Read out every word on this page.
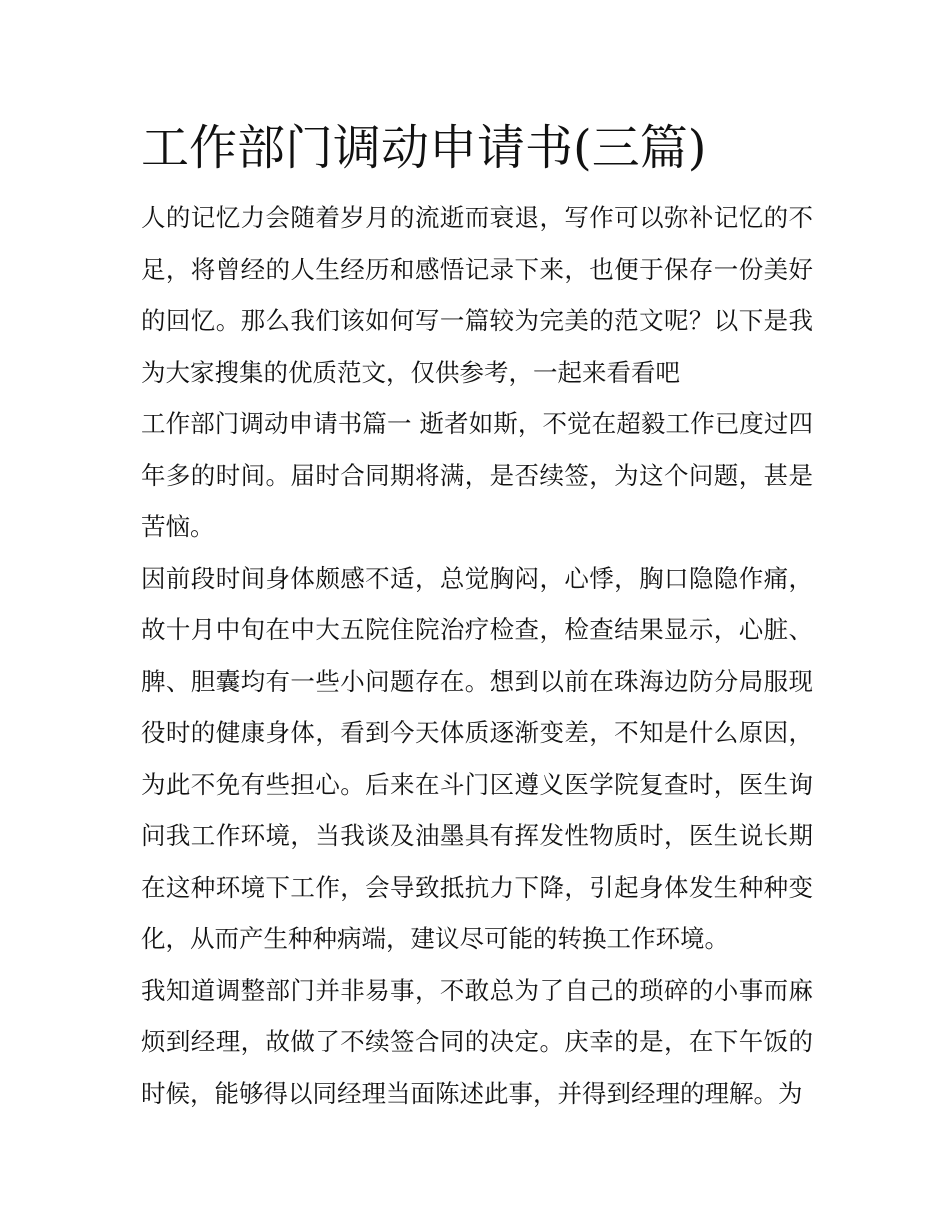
工作部门调动申请书(三篇)

人的记忆力会随着岁月的流逝而衰退，写作可以弥补记忆的不足，将曾经的人生经历和感悟记录下来，也便于保存一份美好的回忆。那么我们该如何写一篇较为完美的范文呢？以下是我为大家搜集的优质范文，仅供参考，一起来看看吧

工作部门调动申请书篇一 逝者如斯，不觉在超毅工作已度过四年多的时间。届时合同期将满，是否续签，为这个问题，甚是苦恼。

因前段时间身体颇感不适，总觉胸闷，心悸，胸口隐隐作痛，故十月中旬在中大五院住院治疗检查，检查结果显示，心脏、脾、胆囊均有一些小问题存在。想到以前在珠海边防分局服现役时的健康身体，看到今天体质逐渐变差，不知是什么原因，为此不免有些担心。后来在斗门区遵义医学院复查时，医生询问我工作环境，当我谈及油墨具有挥发性物质时，医生说长期在这种环境下工作，会导致抵抗力下降，引起身体发生种种变化，从而产生种种病端，建议尽可能的转换工作环境。

我知道调整部门并非易事，不敢总为了自己的琐碎的小事而麻烦到经理，故做了不续签合同的决定。庆幸的是，在下午饭的时候，能够得以同经理当面陈述此事，并得到经理的理解。为
